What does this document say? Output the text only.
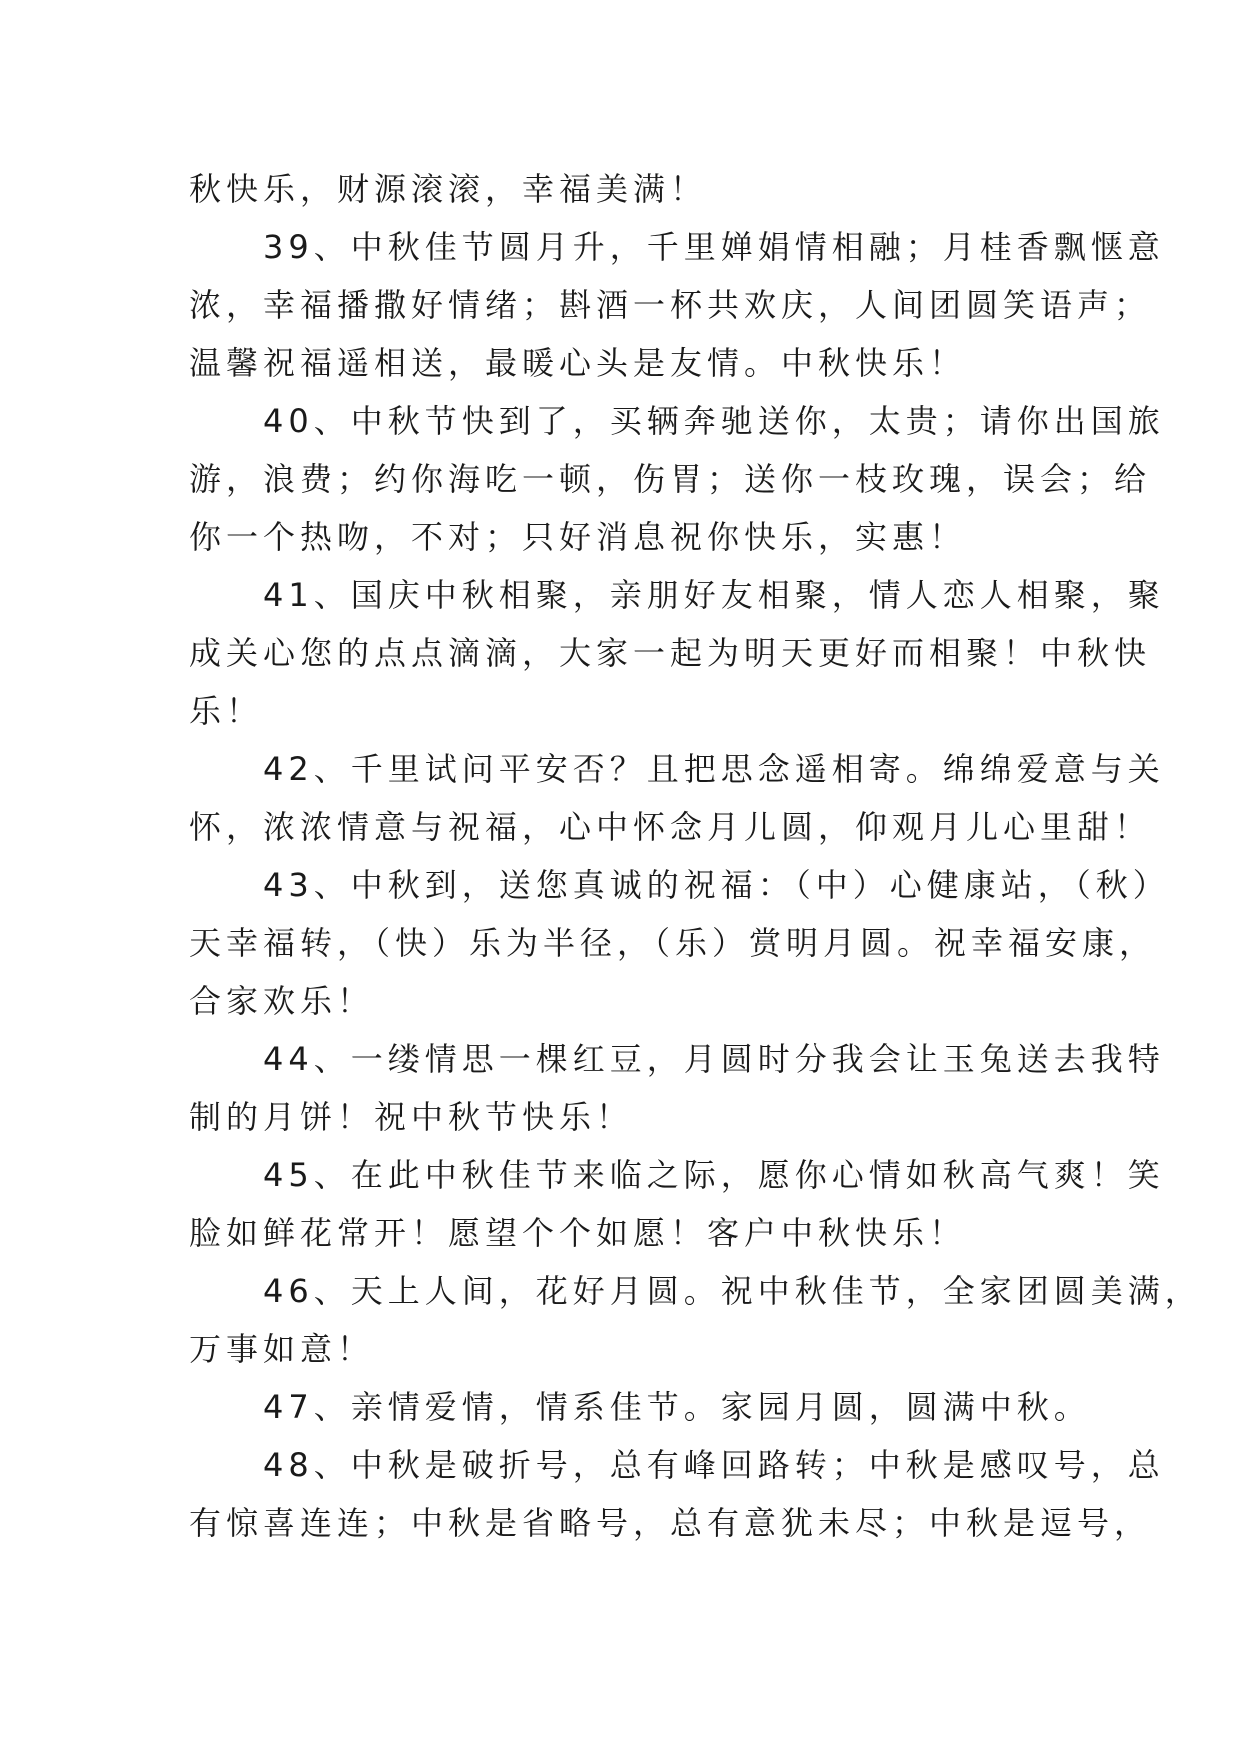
秋快乐，财源滚滚，幸福美满！
　　39、中秋佳节圆月升，千里婵娟情相融；月桂香飘惬意
浓，幸福播撒好情绪；斟酒一杯共欢庆，人间团圆笑语声；
温馨祝福遥相送，最暖心头是友情。中秋快乐！
　　40、中秋节快到了，买辆奔驰送你，太贵；请你出国旅
游，浪费；约你海吃一顿，伤胃；送你一枝玫瑰，误会；给
你一个热吻，不对；只好消息祝你快乐，实惠！
　　41、国庆中秋相聚，亲朋好友相聚，情人恋人相聚，聚
成关心您的点点滴滴，大家一起为明天更好而相聚！中秋快
乐！
　　42、千里试问平安否？且把思念遥相寄。绵绵爱意与关
怀，浓浓情意与祝福，心中怀念月儿圆，仰观月儿心里甜！
　　43、中秋到，送您真诚的祝福：（中）心健康站，（秋）
天幸福转，（快）乐为半径，（乐）赏明月圆。祝幸福安康，
合家欢乐！
　　44、一缕情思一棵红豆，月圆时分我会让玉兔送去我特
制的月饼！祝中秋节快乐！
　　45、在此中秋佳节来临之际，愿你心情如秋高气爽！笑
脸如鲜花常开！愿望个个如愿！客户中秋快乐！
　　46、天上人间，花好月圆。祝中秋佳节，全家团圆美满，
万事如意！
　　47、亲情爱情，情系佳节。家园月圆，圆满中秋。
　　48、中秋是破折号，总有峰回路转；中秋是感叹号，总
有惊喜连连；中秋是省略号，总有意犹未尽；中秋是逗号，
